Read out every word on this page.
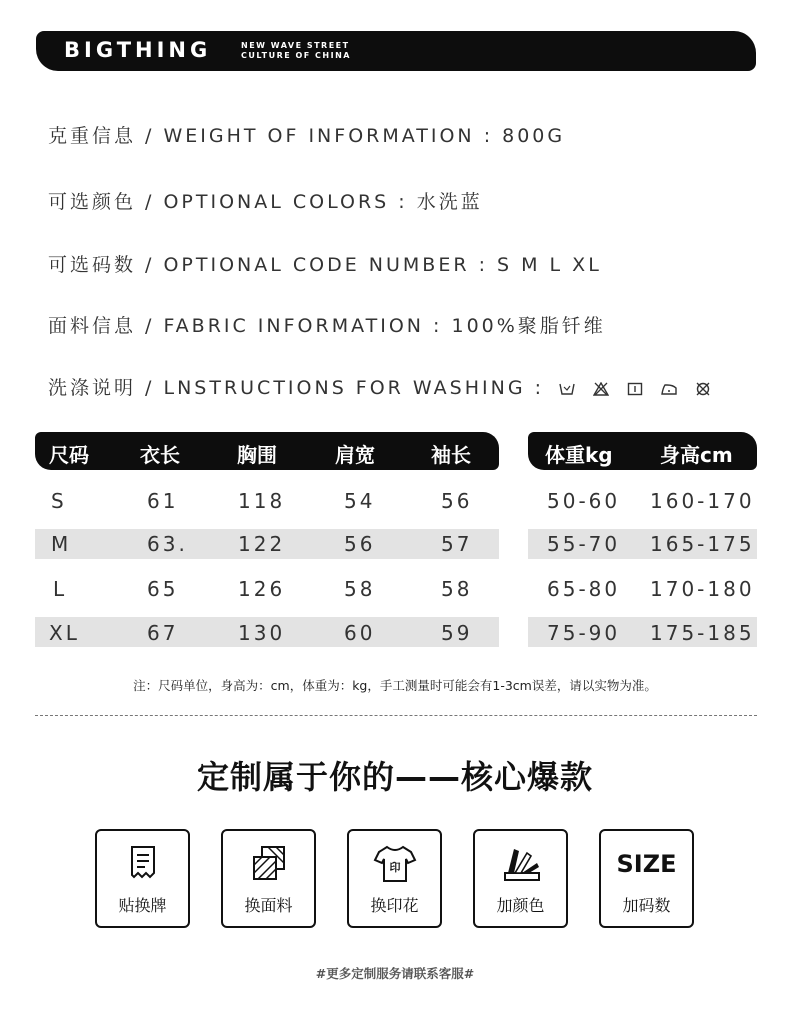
BIGTHING	NEW WAVE STREET
CULTURE OF CHINA
克重信息 / WEIGHT OF INFORMATION : 800G
可选颜色 / OPTIONAL COLORS : 水洗蓝
可选码数 / OPTIONAL CODE NUMBER : S M L XL
面料信息 / FABRIC INFORMATION : 100%聚脂钎维
洗涤说明 / LNSTRUCTIONS FOR WASHING :
尺码	衣长	胸围	肩宽	袖长	体重kg 身高cm
S	61	118	54	56
M	63.	122	56	57
L	65	126	58	58
XL	67	130	60	59
50-60 160-170
55-70 165-175
65-80 170-180
75-90 175-185
注：尺码单位，身高为：cm，体重为：kg，手工测量时可能会有1-3cm误差，请以实物为准。
定制属于你的——核心爆款
贴换牌	换面料
印
换印花	加颜色
SIZE
加码数
#更多定制服务请联系客服#
